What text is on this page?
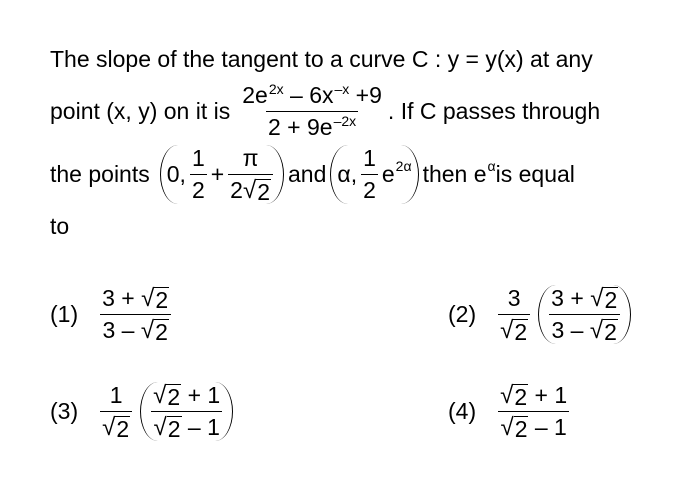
The slope of the tangent to a curve C : y = y(x) at any
point (x, y) on it is $\frac{2e^{2x} - 6x^{-x} +9}{2 + 9e^{-2x}}$ . If C passes through
the points 0, $\frac{1}{2} + \frac{\pi}{2 √ 2}$ and α, $\frac{1}{2}$ e 2α then e α is equal
to
$(1) \frac{3 + √ 2}{3 - √ 2}$	$(2) \frac{3}{√ 2} \frac{3 + √ 2}{3 - √ 2}$
$(3) \frac{1}{√ 2} \frac{√ 2 + 1}{√ 2 - 1}$	$(4) \frac{√ 2 + 1}{√ 2 - 1}$
